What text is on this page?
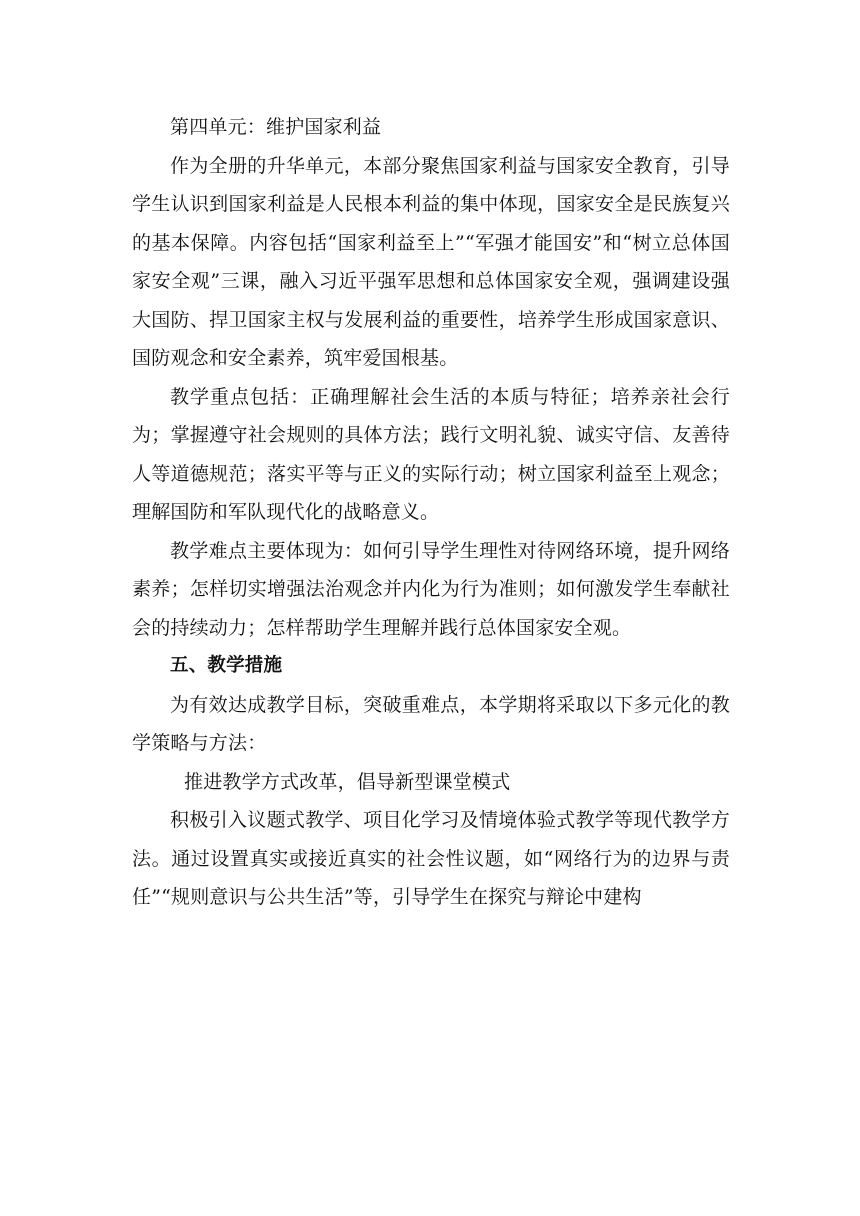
第四单元：维护国家利益

作为全册的升华单元，本部分聚焦国家利益与国家安全教育，引导学生认识到国家利益是人民根本利益的集中体现，国家安全是民族复兴的基本保障。内容包括“国家利益至上”“军强才能国安”和“树立总体国家安全观”三课，融入习近平强军思想和总体国家安全观，强调建设强大国防、捍卫国家主权与发展利益的重要性，培养学生形成国家意识、国防观念和安全素养，筑牢爱国根基。

教学重点包括：正确理解社会生活的本质与特征；培养亲社会行为；掌握遵守社会规则的具体方法；践行文明礼貌、诚实守信、友善待人等道德规范；落实平等与正义的实际行动；树立国家利益至上观念；理解国防和军队现代化的战略意义。

教学难点主要体现为：如何引导学生理性对待网络环境，提升网络素养；怎样切实增强法治观念并内化为行为准则；如何激发学生奉献社会的持续动力；怎样帮助学生理解并践行总体国家安全观。

五、教学措施

为有效达成教学目标，突破重难点，本学期将采取以下多元化的教学策略与方法：

推进教学方式改革，倡导新型课堂模式

积极引入议题式教学、项目化学习及情境体验式教学等现代教学方法。通过设置真实或接近真实的社会性议题，如“网络行为的边界与责任”“规则意识与公共生活”等，引导学生在探究与辩论中建构
